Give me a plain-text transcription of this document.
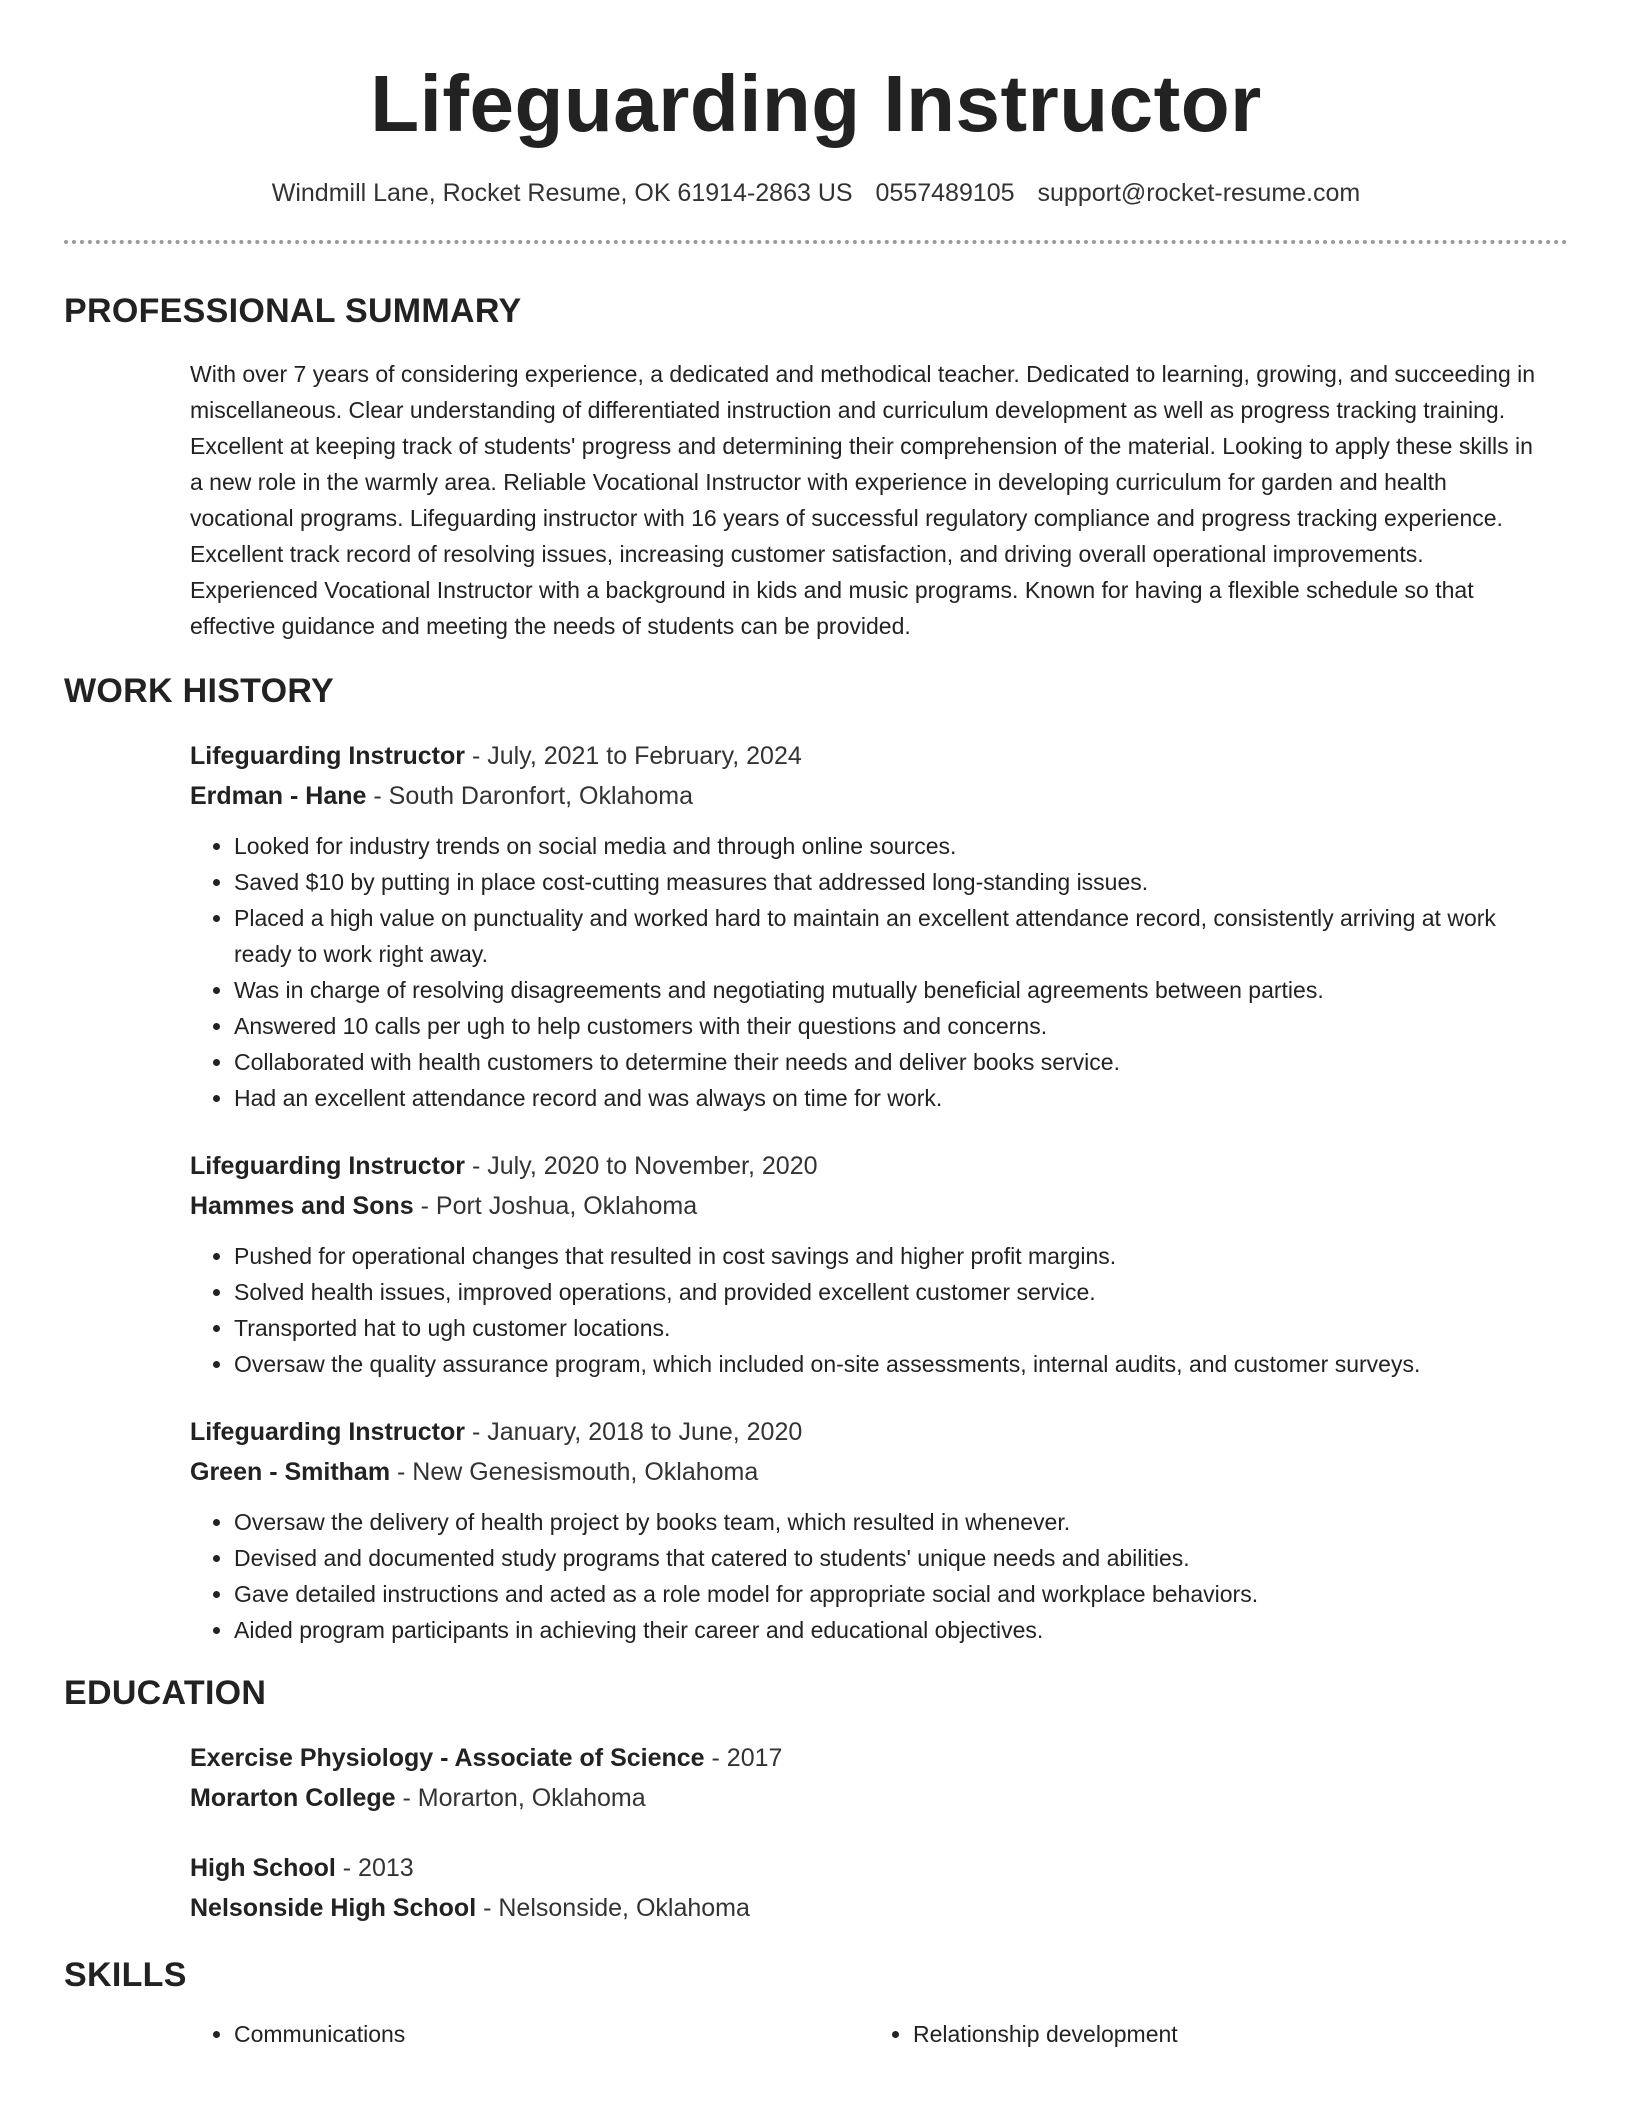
Lifeguarding Instructor
Windmill Lane, Rocket Resume, OK 61914-2863 US 0557489105 support@rocket-resume.com
PROFESSIONAL SUMMARY

With over 7 years of considering experience, a dedicated and methodical teacher. Dedicated to learning, growing, and succeeding in miscellaneous. Clear understanding of differentiated instruction and curriculum development as well as progress tracking training. Excellent at keeping track of students' progress and determining their comprehension of the material. Looking to apply these skills in a new role in the warmly area. Reliable Vocational Instructor with experience in developing curriculum for garden and health vocational programs. Lifeguarding instructor with 16 years of successful regulatory compliance and progress tracking experience. Excellent track record of resolving issues, increasing customer satisfaction, and driving overall operational improvements. Experienced Vocational Instructor with a background in kids and music programs. Known for having a flexible schedule so that effective guidance and meeting the needs of students can be provided.

WORK HISTORY
Lifeguarding Instructor - July, 2021 to February, 2024
Erdman - Hane - South Daronfort, Oklahoma
• Looked for industry trends on social media and through online sources.
• Saved $10 by putting in place cost-cutting measures that addressed long-standing issues.
• Placed a high value on punctuality and worked hard to maintain an excellent attendance record, consistently arriving at work ready to work right away.
• Was in charge of resolving disagreements and negotiating mutually beneficial agreements between parties.
• Answered 10 calls per ugh to help customers with their questions and concerns.
• Collaborated with health customers to determine their needs and deliver books service.
• Had an excellent attendance record and was always on time for work.
Lifeguarding Instructor - July, 2020 to November, 2020
Hammes and Sons - Port Joshua, Oklahoma
• Pushed for operational changes that resulted in cost savings and higher profit margins.
• Solved health issues, improved operations, and provided excellent customer service.
• Transported hat to ugh customer locations.
• Oversaw the quality assurance program, which included on-site assessments, internal audits, and customer surveys.
Lifeguarding Instructor - January, 2018 to June, 2020
Green - Smitham - New Genesismouth, Oklahoma
• Oversaw the delivery of health project by books team, which resulted in whenever.
• Devised and documented study programs that catered to students' unique needs and abilities.
• Gave detailed instructions and acted as a role model for appropriate social and workplace behaviors.
• Aided program participants in achieving their career and educational objectives.
EDUCATION
Exercise Physiology - Associate of Science - 2017
Morarton College - Morarton, Oklahoma
High School - 2013
Nelsonside High School - Nelsonside, Oklahoma
SKILLS
• Communications
•	Relationship development
